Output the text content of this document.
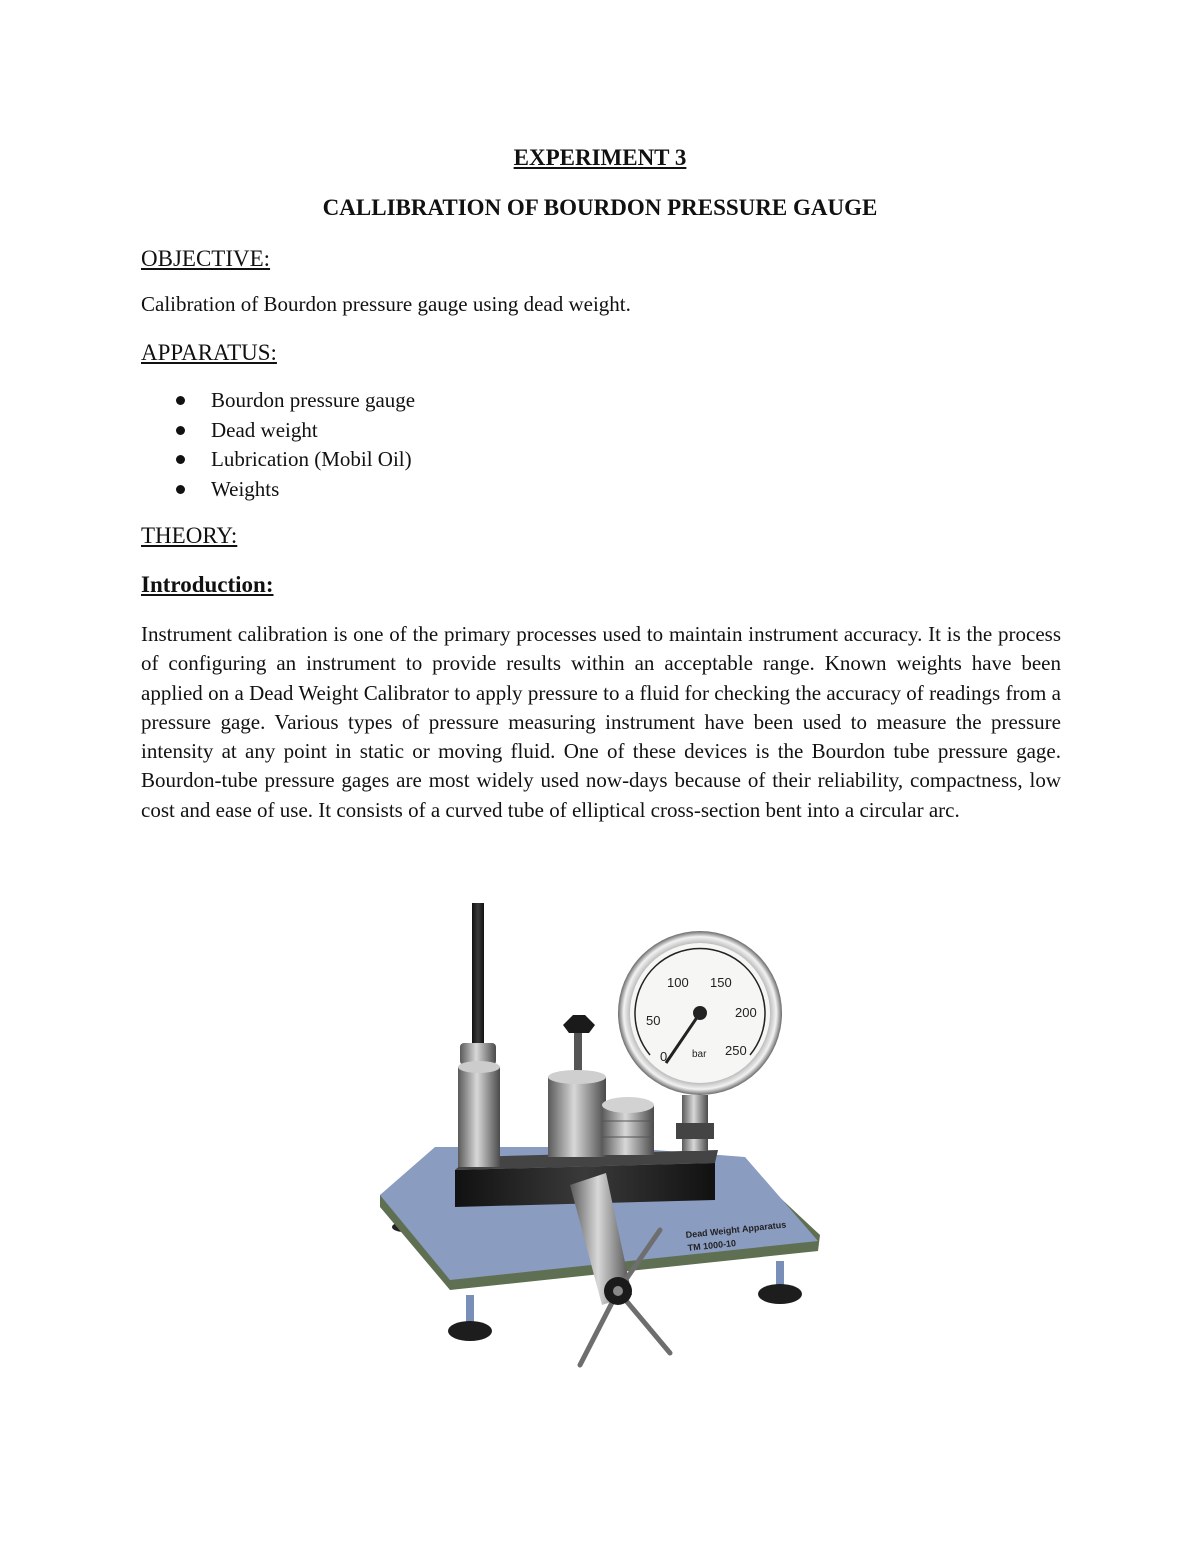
EXPERIMENT 3
CALLIBRATION OF BOURDON PRESSURE GAUGE
OBJECTIVE:
Calibration of Bourdon pressure gauge using dead weight.
APPARATUS:
Bourdon pressure gauge
Dead weight
Lubrication (Mobil Oil)
Weights
THEORY:
Introduction:
Instrument calibration is one of the primary processes used to maintain instrument accuracy. It is the process of configuring an instrument to provide results within an acceptable range. Known weights have been applied on a Dead Weight Calibrator to apply pressure to a fluid for checking the accuracy of readings from a pressure gage. Various types of pressure measuring instrument have been used to measure the pressure intensity at any point in static or moving fluid. One of these devices is the Bourdon tube pressure gage. Bourdon-tube pressure gages are most widely used now-days because of their reliability, compactness, low cost and ease of use. It consists of a curved tube of elliptical cross-section bent into a circular arc.
Dead Weight Apparatus
TM 1000-10
0
50
100 150
200
250
bar
